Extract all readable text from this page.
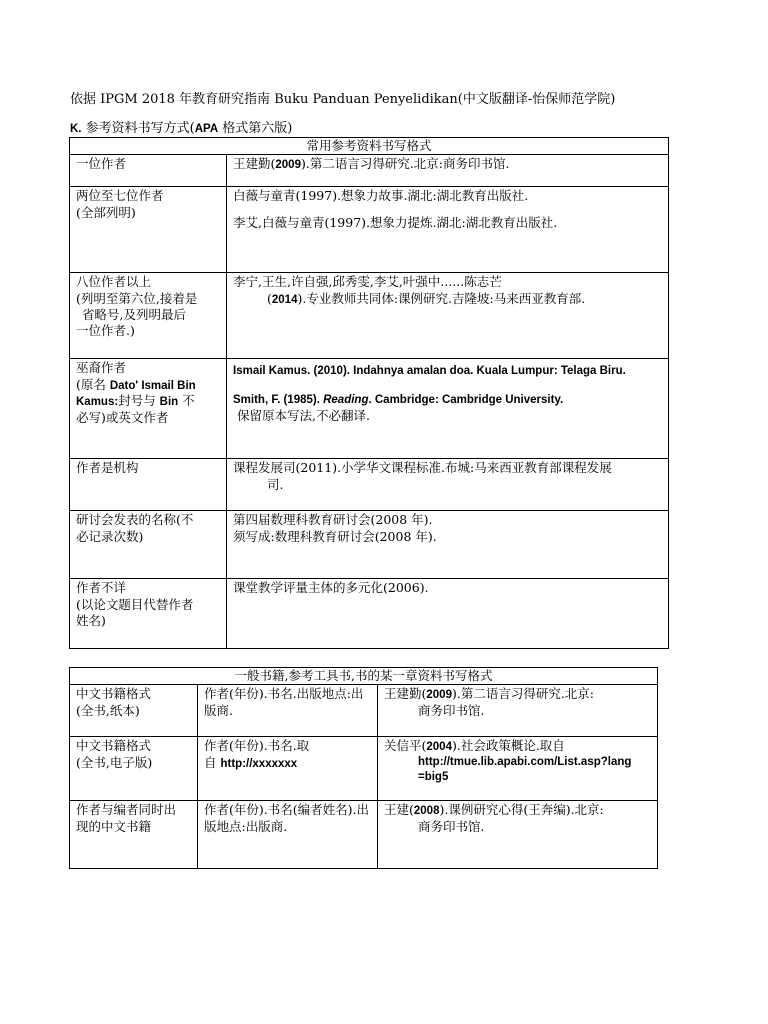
依据 IPGM 2018 年教育研究指南 Buku Panduan Penyelidikan(中文版翻译-怡保师范学院)
K. 参考资料书写方式(APA 格式第六版)
常用参考资料书写格式	
一位作者	王建勤(2009).第二语言习得研究.北京:商务印书馆.

两位至七位作者
(全部列明)	白薇与童青(1997).想象力故事.湖北:湖北教育出版社.
李艾,白薇与童青(1997).想象力提炼.湖北:湖北教育出版社.

八位作者以上
(列明至第六位,接着是
省略号,及列明最后
一位作者.)	李宁,王生,许自强,邱秀雯,李艾,叶强中......陈志芒
(2014).专业教师共同体:课例研究.吉隆坡:马来西亚教育部.

巫裔作者
(原名 Dato' Ismail Bin
Kamus:封号与 Bin 不
必写)或英文作者	Ismail Kamus. (2010). Indahnya amalan doa. Kuala Lumpur: Telaga Biru.
Smith, F. (1985). Reading. Cambridge: Cambridge University.
保留原本写法,不必翻译.

作者是机构	课程发展司(2011).小学华文课程标准.布城:马来西亚教育部课程发展
司.

研讨会发表的名称(不
必记录次数)	第四届数理科教育研讨会(2008 年).
须写成:数理科教育研讨会(2008 年).

作者不详
(以论文题目代替作者
姓名)	课堂教学评量主体的多元化(2006).
一般书籍,参考工具书,书的某一章资料书写格式		

中文书籍格式
(全书,纸本)	作者(年份).书名.出版地点:出版商.	王建勤(2009).第二语言习得研究.北京:
商务印书馆.

中文书籍格式
(全书,电子版)	作者(年份).书名.取
自 http://xxxxxxx	关信平(2004).社会政策概论.取自
http://tmue.lib.apabi.com/List.asp?lang
=big5

作者与编者同时出
现的中文书籍	作者(年份).书名(编者姓名).出版地点:出版商.	王建(2008).课例研究心得(王奔编).北京:
商务印书馆.
